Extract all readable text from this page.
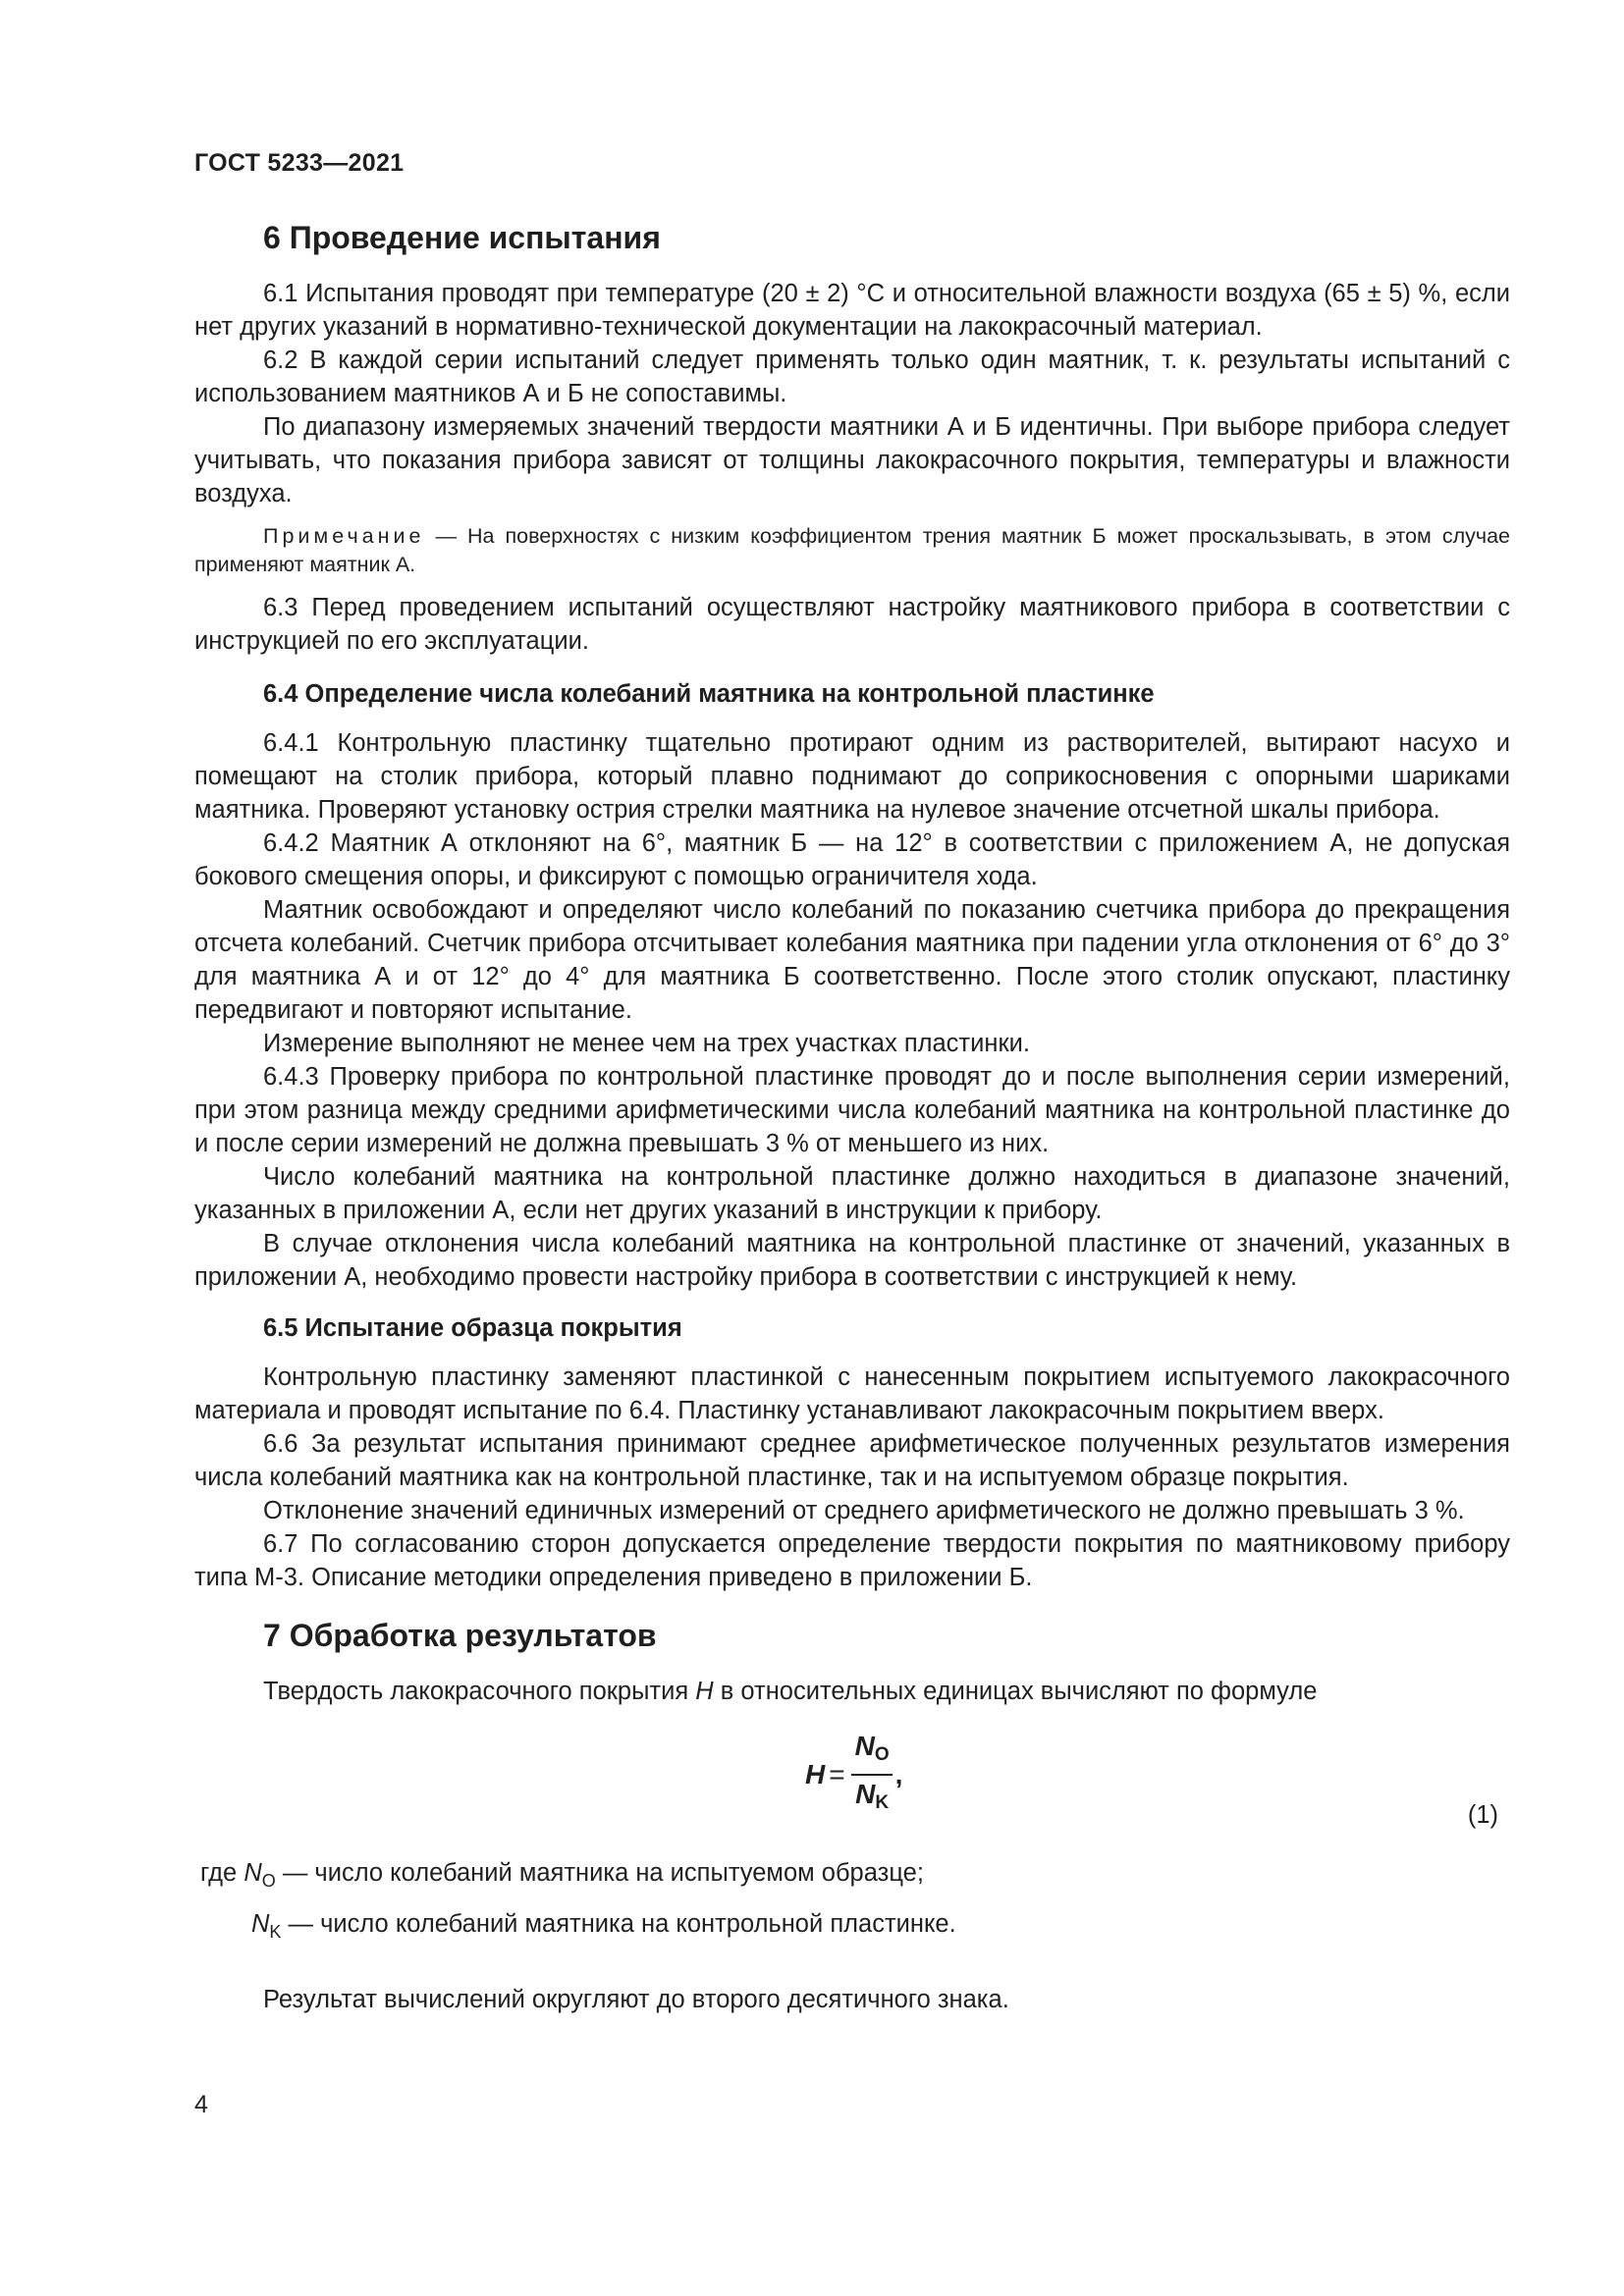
ГОСТ 5233—2021
6 Проведение испытания

6.1 Испытания проводят при температуре (20 ± 2) °С и относительной влажности воздуха (65 ± 5) %, если нет других указаний в нормативно-технической документации на лакокрасочный материал.

6.2 В каждой серии испытаний следует применять только один маятник, т. к. результаты испытаний с использованием маятников А и Б не сопоставимы.

По диапазону измеряемых значений твердости маятники А и Б идентичны. При выборе прибора следует учитывать, что показания прибора зависят от толщины лакокрасочного покрытия, температуры и влажности воздуха.

Примечание — На поверхностях с низким коэффициентом трения маятник Б может проскальзывать, в этом случае применяют маятник А.

6.3 Перед проведением испытаний осуществляют настройку маятникового прибора в соответствии с инструкцией по его эксплуатации.

6.4 Определение числа колебаний маятника на контрольной пластинке

6.4.1 Контрольную пластинку тщательно протирают одним из растворителей, вытирают насухо и помещают на столик прибора, который плавно поднимают до соприкосновения с опорными шариками маятника. Проверяют установку острия стрелки маятника на нулевое значение отсчетной шкалы прибора.

6.4.2 Маятник А отклоняют на 6°, маятник Б — на 12° в соответствии с приложением А, не допуская бокового смещения опоры, и фиксируют с помощью ограничителя хода.

Маятник освобождают и определяют число колебаний по показанию счетчика прибора до прекращения отсчета колебаний. Счетчик прибора отсчитывает колебания маятника при падении угла отклонения от 6° до 3° для маятника А и от 12° до 4° для маятника Б соответственно. После этого столик опускают, пластинку передвигают и повторяют испытание.

Измерение выполняют не менее чем на трех участках пластинки.

6.4.3 Проверку прибора по контрольной пластинке проводят до и после выполнения серии измерений, при этом разница между средними арифметическими числа колебаний маятника на контрольной пластинке до и после серии измерений не должна превышать 3 % от меньшего из них.

Число колебаний маятника на контрольной пластинке должно находиться в диапазоне значений, указанных в приложении А, если нет других указаний в инструкции к прибору.

В случае отклонения числа колебаний маятника на контрольной пластинке от значений, указанных в приложении А, необходимо провести настройку прибора в соответствии с инструкцией к нему.

6.5 Испытание образца покрытия

Контрольную пластинку заменяют пластинкой с нанесенным покрытием испытуемого лакокрасочного материала и проводят испытание по 6.4. Пластинку устанавливают лакокрасочным покрытием вверх.

6.6 За результат испытания принимают среднее арифметическое полученных результатов измерения числа колебаний маятника как на контрольной пластинке, так и на испытуемом образце покрытия.

Отклонение значений единичных измерений от среднего арифметического не должно превышать 3 %.

6.7 По согласованию сторон допускается определение твердости покрытия по маятниковому прибору типа М-3. Описание методики определения приведено в приложении Б.

7 Обработка результатов

Твердость лакокрасочного покрытия H в относительных единицах вычисляют по формуле

$H = \frac{N_O}{N_K}$ ,
(1)
где $N_O$ — число колебаний маятника на испытуемом образце;
$N_K$ — число колебаний маятника на контрольной пластинке.

Результат вычислений округляют до второго десятичного знака.

4
